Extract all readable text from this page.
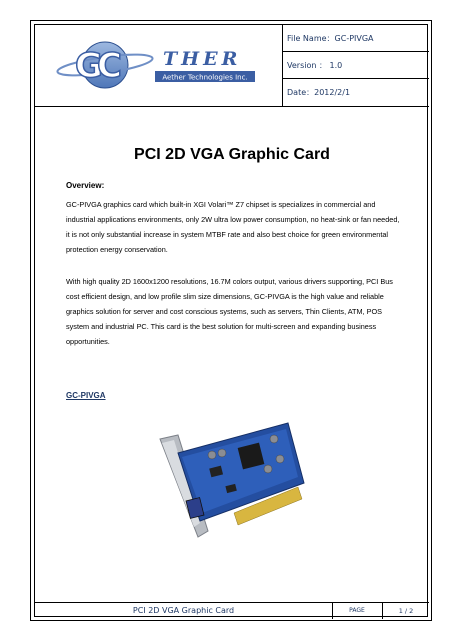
G
C THER
Aether Technologies Inc.
File Name：GC-PIVGA
Version ： 1.0
Date：2012/2/1
PCI 2D VGA Graphic Card
Overview:
GC-PIVGA graphics card which built-in XGI Volari™ Z7 chipset is specializes in commercial and industrial applications environments, only 2W ultra low power consumption, no heat-sink or fan needed, it is not only substantial increase in system MTBF rate and also best choice for green environmental protection energy conservation.
With high quality 2D 1600x1200 resolutions, 16.7M colors output, various drivers supporting, PCI Bus cost efficient design, and low profile slim size dimensions, GC-PIVGA is the high value and reliable graphics solution for server and cost conscious systems, such as servers, Thin Clients, ATM, POS system and industrial PC. This card is the best solution for multi-screen and expanding business opportunities.
GC-PIVGA
PCI 2D VGA Graphic Card	PAGE	1 / 2
